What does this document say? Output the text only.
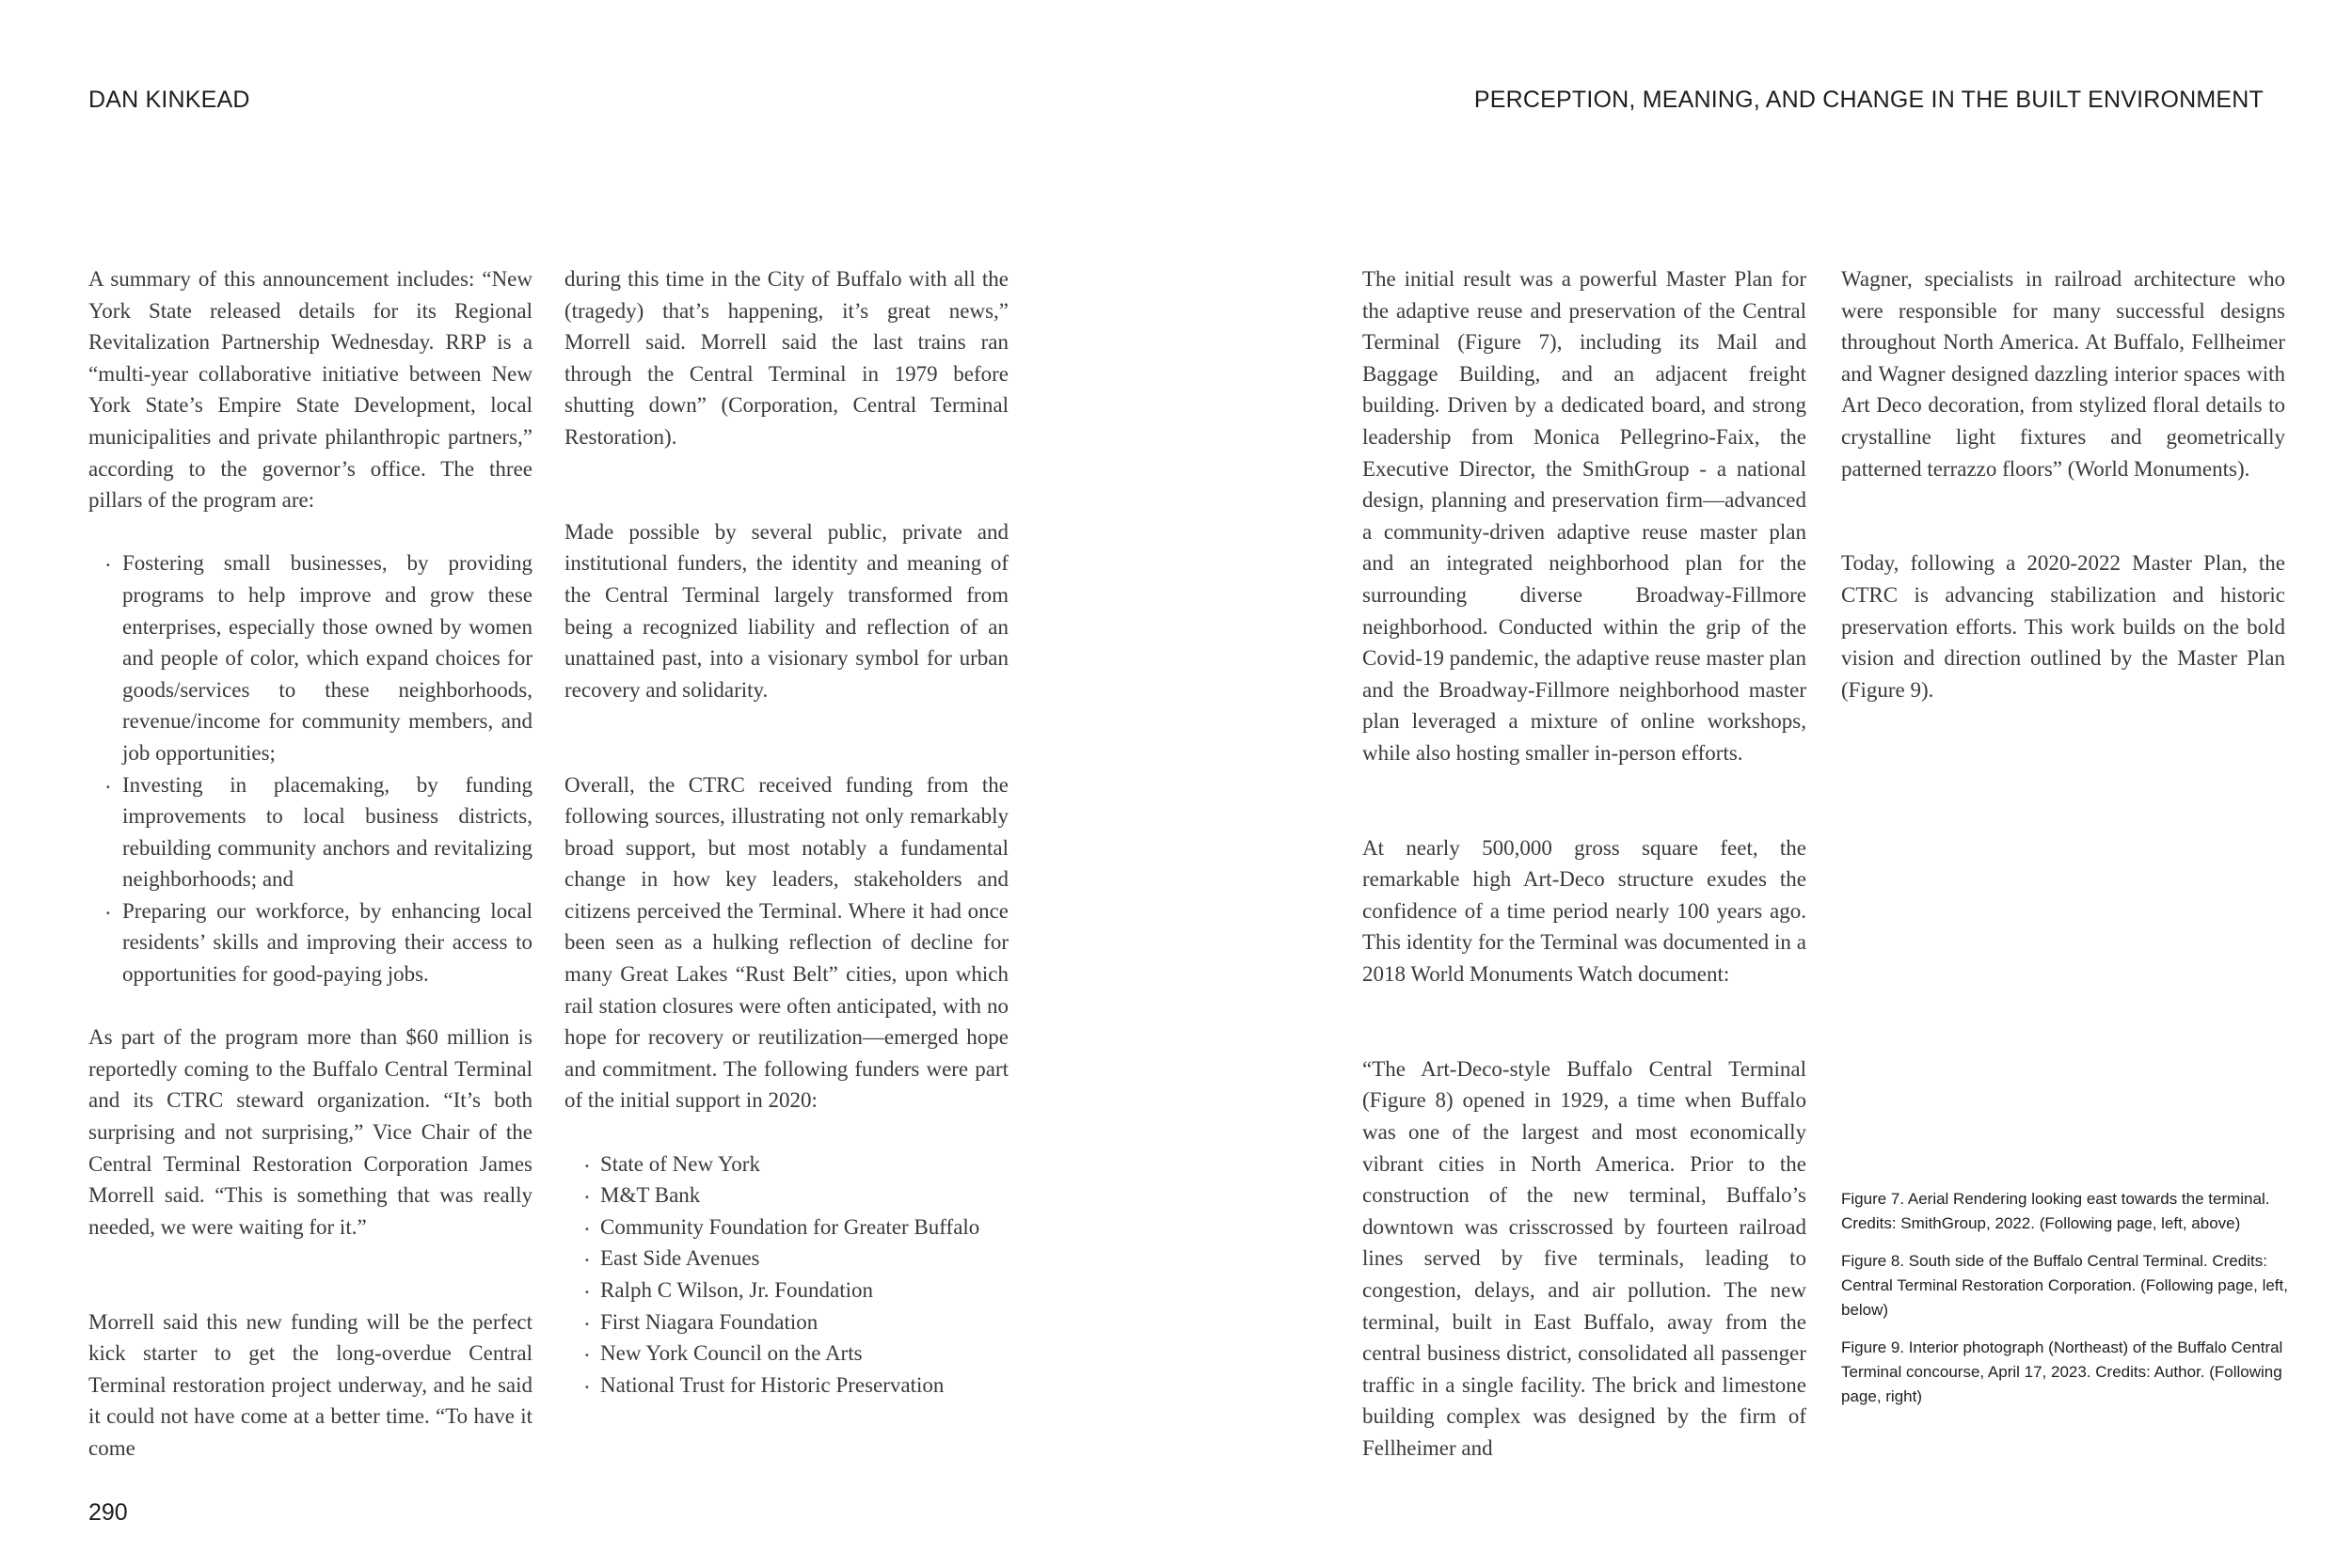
DAN KINKEAD	PERCEPTION, MEANING, AND CHANGE IN THE BUILT ENVIRONMENT

A summary of this announcement includes: “New York State released details for its Regional Revitalization Partnership Wednesday. RRP is a “multi-year collaborative initiative between New York State’s Empire State Development, local municipalities and private philanthropic partners,” according to the governor’s office. The three pillars of the program are:

. Fostering small businesses, by providing programs to help improve and grow these enterprises, especially those owned by women and people of color, which expand choices for goods/services to these neighborhoods, revenue/income for community members, and job opportunities;
. Investing in placemaking, by funding improvements to local business districts, rebuilding community anchors and revitalizing neighborhoods; and
. Preparing our workforce, by enhancing local residents’ skills and improving their access to opportunities for good-paying jobs.

As part of the program more than $60 million is reportedly coming to the Buffalo Central Terminal and its CTRC steward organization. “It’s both surprising and not surprising,” Vice Chair of the Central Terminal Restoration Corporation James Morrell said. “This is something that was really needed, we were waiting for it.”

Morrell said this new funding will be the perfect kick starter to get the long-overdue Central Terminal restoration project underway, and he said it could not have come at a better time. “To have it come

during this time in the City of Buffalo with all the (tragedy) that’s happening, it’s great news,” Morrell said. Morrell said the last trains ran through the Central Terminal in 1979 before shutting down” (Corporation, Central Terminal Restoration).

Made possible by several public, private and institutional funders, the identity and meaning of the Central Terminal largely transformed from being a recognized liability and reflection of an unattained past, into a visionary symbol for urban recovery and solidarity.

Overall, the CTRC received funding from the following sources, illustrating not only remarkably broad support, but most notably a fundamental change in how key leaders, stakeholders and citizens perceived the Terminal. Where it had once been seen as a hulking reflection of decline for many Great Lakes “Rust Belt” cities, upon which rail station closures were often anticipated, with no hope for recovery or reutilization—emerged hope and commitment. The following funders were part of the initial support in 2020:

. State of New York
. M&T Bank
. Community Foundation for Greater Buffalo
. East Side Avenues
. Ralph C Wilson, Jr. Foundation
. First Niagara Foundation
. New York Council on the Arts
. National Trust for Historic Preservation

The initial result was a powerful Master Plan for the adaptive reuse and preservation of the Central Terminal (Figure 7), including its Mail and Baggage Building, and an adjacent freight building. Driven by a dedicated board, and strong leadership from Monica Pellegrino-Faix, the Executive Director, the SmithGroup - a national design, planning and preservation firm—advanced a community-driven adaptive reuse master plan and an integrated neighborhood plan for the surrounding diverse Broadway-Fillmore neighborhood. Conducted within the grip of the Covid-19 pandemic, the adaptive reuse master plan and the Broadway-Fillmore neighborhood master plan leveraged a mixture of online workshops, while also hosting smaller in-person efforts.

At nearly 500,000 gross square feet, the remarkable high Art-Deco structure exudes the confidence of a time period nearly 100 years ago. This identity for the Terminal was documented in a 2018 World Monuments Watch document:

“The Art-Deco-style Buffalo Central Terminal (Figure 8) opened in 1929, a time when Buffalo was one of the largest and most economically vibrant cities in North America. Prior to the construction of the new terminal, Buffalo’s downtown was crisscrossed by fourteen railroad lines served by five terminals, leading to congestion, delays, and air pollution. The new terminal, built in East Buffalo, away from the central business district, consolidated all passenger traffic in a single facility. The brick and limestone building complex was designed by the firm of Fellheimer and

Wagner, specialists in railroad architecture who were responsible for many successful designs throughout North America. At Buffalo, Fellheimer and Wagner designed dazzling interior spaces with Art Deco decoration, from stylized floral details to crystalline light fixtures and geometrically patterned terrazzo floors” (World Monuments).

Today, following a 2020-2022 Master Plan, the CTRC is advancing stabilization and historic preservation efforts. This work builds on the bold vision and direction outlined by the Master Plan (Figure 9).

Figure 7. Aerial Rendering looking east towards the terminal. Credits: SmithGroup, 2022. (Following page, left, above)

Figure 8. South side of the Buffalo Central Terminal. Credits: Central Terminal Restoration Corporation. (Following page, left, below)

Figure 9. Interior photograph (Northeast) of the Buffalo Central Terminal concourse, April 17, 2023. Credits: Author. (Following page, right)

290
